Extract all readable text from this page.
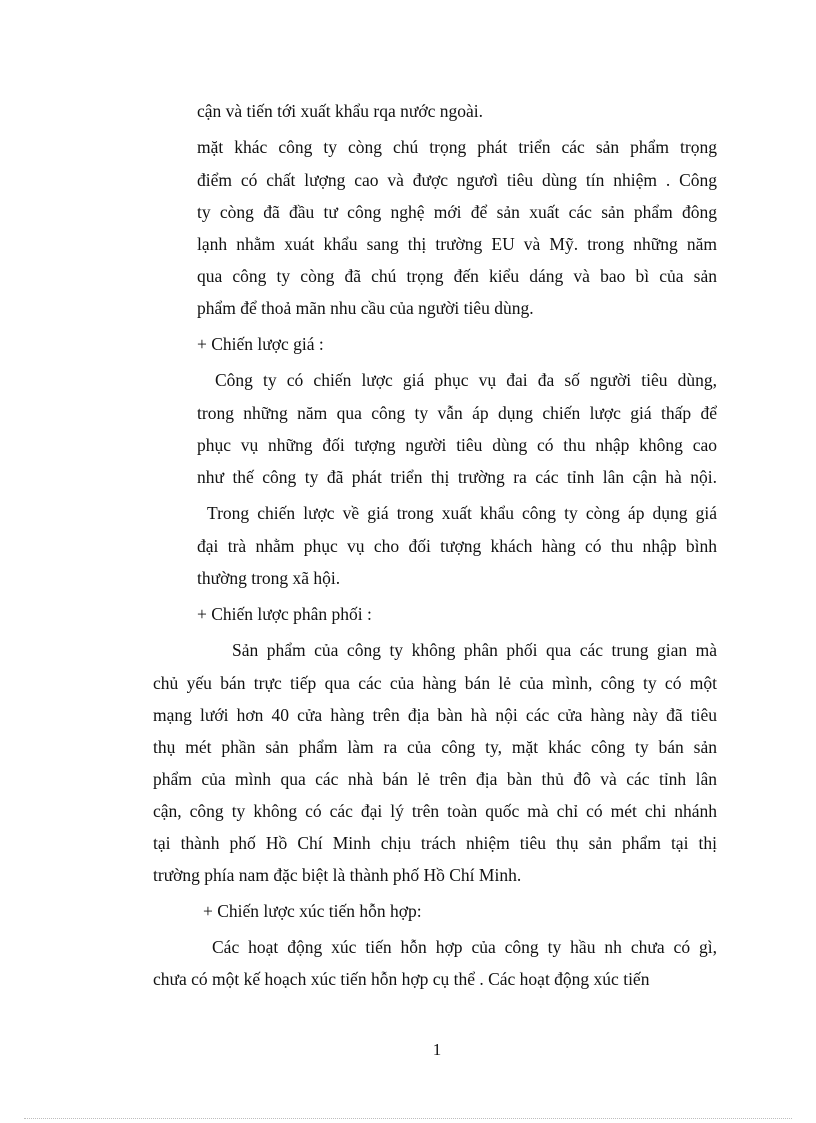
cận và tiến tới xuất khẩu rqa nước ngoài.

mặt khác công ty còng chú trọng phát triển các sản phẩm trọng

điểm có chất lượng cao và được ngươì tiêu dùng tín nhiệm . Công

ty còng đã đầu tư công nghệ mới để sản xuất các sản phẩm đông

lạnh nhằm xuát khẩu sang thị trường EU và Mỹ. trong những năm

qua công ty còng đã chú trọng đến kiểu dáng và bao bì của sản

phẩm để thoả mãn nhu cầu của người tiêu dùng.

+ Chiến lược giá :

Công ty có chiến lược giá phục vụ đai đa số người tiêu dùng,

trong những năm qua công ty vẫn áp dụng chiến lược giá thấp để

phục vụ những đối tượng người tiêu dùng có thu nhập không cao

như thế công ty đã phát triển thị trường ra các tỉnh lân cận hà nội.

Trong chiến lược về giá trong xuất khẩu công ty còng áp dụng giá

đại trà nhằm phục vụ cho đối tượng khách hàng có thu nhập bình

thường trong xã hội.

+ Chiến lược phân phối :

Sản phẩm của công ty không phân phối qua các trung gian mà

chủ yếu bán trực tiếp qua các của hàng bán lẻ của mình, công ty có một

mạng lưới hơn 40 cửa hàng trên địa bàn hà nội các cửa hàng này đã tiêu

thụ mét phần sản phẩm làm ra của công ty, mặt khác công ty bán sản

phẩm của mình qua các nhà bán lẻ trên địa bàn thủ đô và các tỉnh lân

cận, công ty không có các đại lý trên toàn quốc mà chỉ có mét chi nhánh

tại thành phố Hồ Chí Minh chịu trách nhiệm tiêu thụ sản phẩm tại thị

trường phía nam đặc biệt là thành phố Hồ Chí Minh.

+ Chiến lược xúc tiến hỗn hợp:

Các hoạt động xúc tiến hỗn hợp của công ty hầu nh chưa có gì,

chưa có một kế hoạch xúc tiến hỗn hợp cụ thể . Các hoạt động xúc tiến

1
